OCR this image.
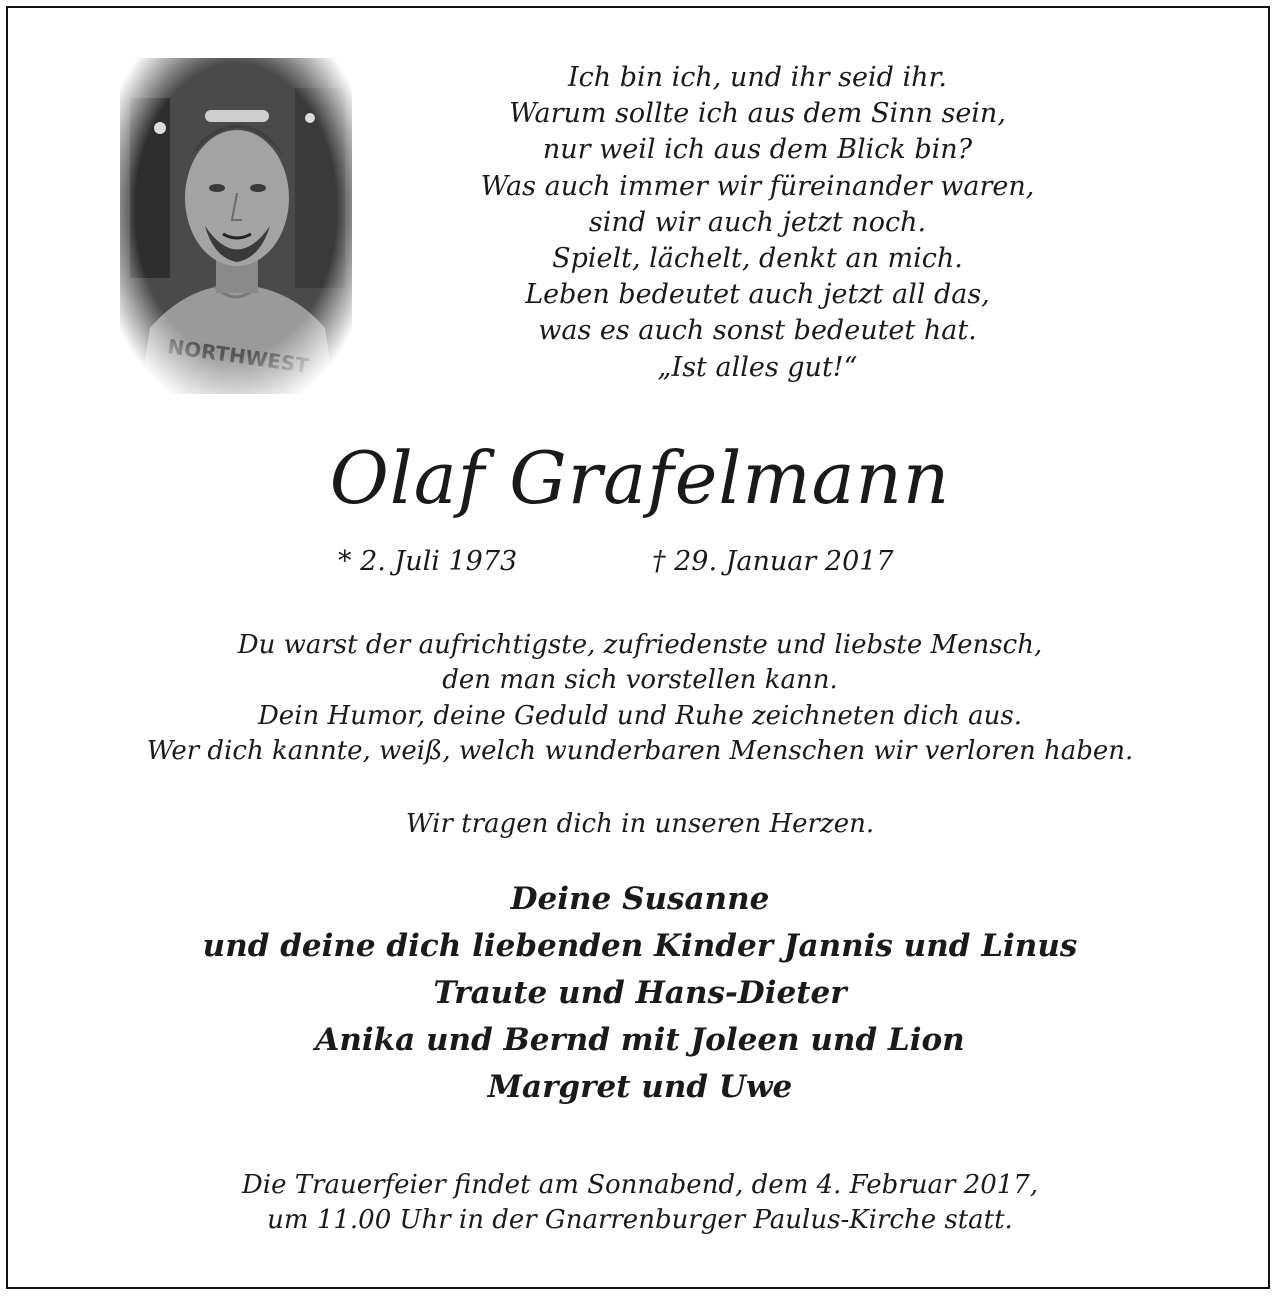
Ich bin ich, und ihr seid ihr.
Warum sollte ich aus dem Sinn sein,
nur weil ich aus dem Blick bin?
Was auch immer wir füreinander waren,
sind wir auch jetzt noch.
Spielt, lächelt, denkt an mich.
Leben bedeutet auch jetzt all das,
was es auch sonst bedeutet hat.
„Ist alles gut!“
Olaf Grafelmann
* 2. Juli 1973	† 29. Januar 2017
Du warst der aufrichtigste, zufriedenste und liebste Mensch,
den man sich vorstellen kann.
Dein Humor, deine Geduld und Ruhe zeichneten dich aus.
Wer dich kannte, weiß, welch wunderbaren Menschen wir verloren haben.
Wir tragen dich in unseren Herzen.
Deine Susanne
und deine dich liebenden Kinder Jannis und Linus
Traute und Hans-Dieter
Anika und Bernd mit Joleen und Lion
Margret und Uwe
Die Trauerfeier findet am Sonnabend, dem 4. Februar 2017,
um 11.00 Uhr in der Gnarrenburger Paulus-Kirche statt.
